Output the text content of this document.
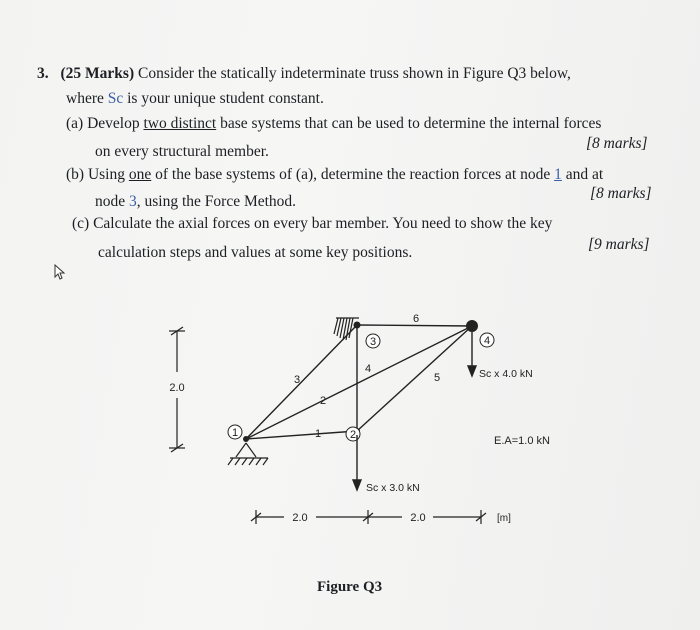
3. (25 Marks) Consider the statically indeterminate truss shown in Figure Q3 below,
where Sc is your unique student constant.
(a) Develop two distinct base systems that can be used to determine the internal forces
on every structural member.	[8 marks]
(b) Using one of the base systems of (a), determine the reaction forces at node 1 and at
node 3, using the Force Method.	[8 marks]
(c) Calculate the axial forces on every bar member. You need to show the key
calculation steps and values at some key positions.	[9 marks]
1	2
3	4
1
2
3
4
5
6
Sc x 4.0 kN
Sc x 3.0 kN
E.A=1.0 kN
2.0
2.0	2.0	[m]
Figure Q3
